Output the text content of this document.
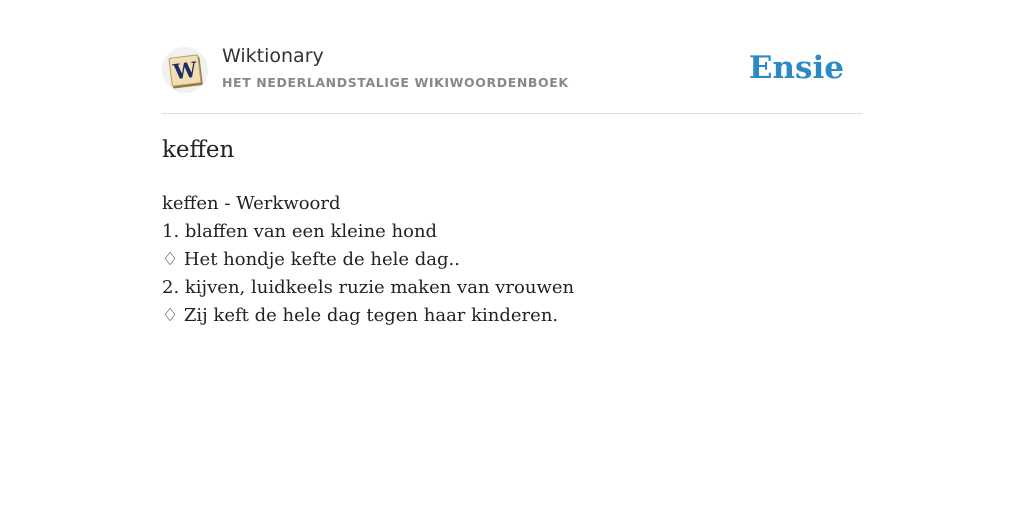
W
Wiktionary
HET NEDERLANDSTALIGE WIKIWOORDENBOEK	Ensie
keffen
keffen - Werkwoord
1. blaffen van een kleine hond
♢ Het hondje kefte de hele dag..
2. kijven, luidkeels ruzie maken van vrouwen
♢ Zij keft de hele dag tegen haar kinderen.
